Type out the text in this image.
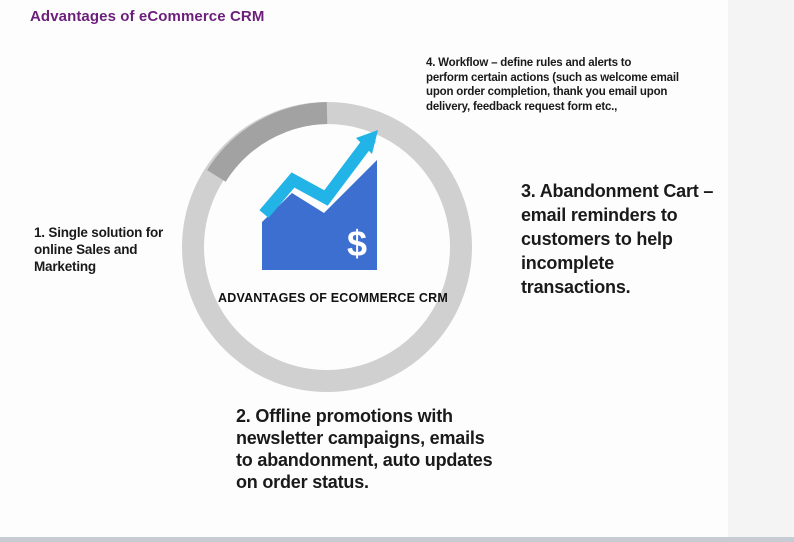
Advantages of eCommerce CRM
$
ADVANTAGES OF ECOMMERCE CRM
1. Single solution for
online Sales and
Marketing
2. Offline promotions with
newsletter campaigns, emails
to abandonment, auto updates
on order status.
3. Abandonment Cart –
email reminders to
customers to help
incomplete
transactions.
4. Workflow – define rules and alerts to
perform certain actions (such as welcome email
upon order completion, thank you email upon
delivery, feedback request form etc.,
